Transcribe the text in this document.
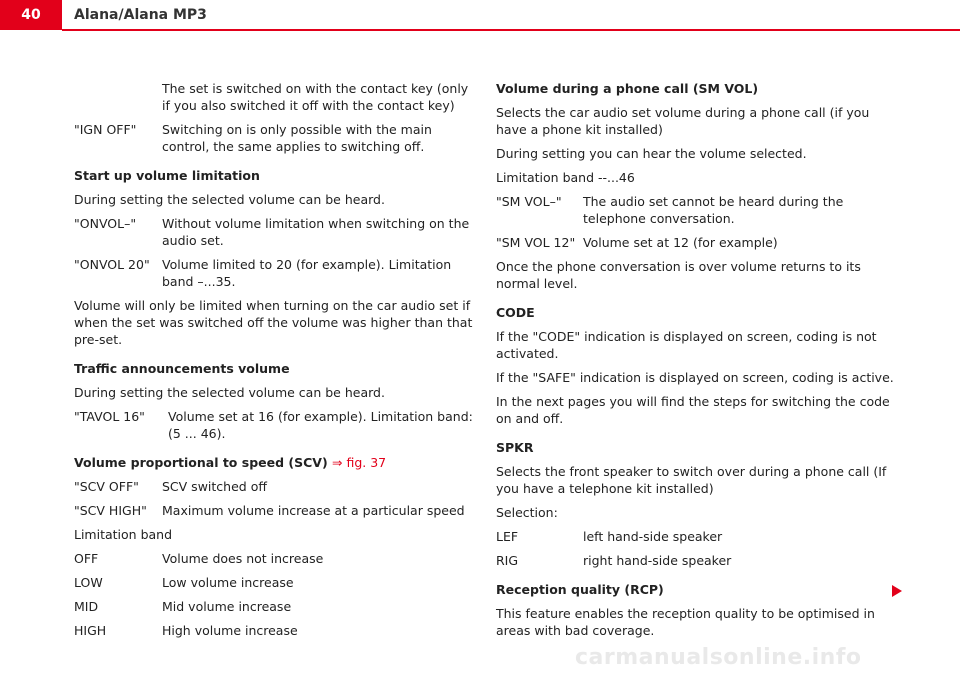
40	Alana/Alana MP3

The set is switched on with the contact key (only if you also switched it off with the contact key)

"IGN OFF"	Switching on is only possible with the main control, the same applies to switching off.
Start up volume limitation

During setting the selected volume can be heard.

"ONVOL–"	Without volume limitation when switching on the audio set.
"ONVOL 20" Volume limited to 20 (for example). Limitation band –...35.

Volume will only be limited when turning on the car audio set if when the set was switched off the volume was higher than that pre-set.

Traffic announcements volume

During setting the selected volume can be heard.

"TAVOL 16"	Volume set at 16 (for example). Limitation band: (5 ... 46).
Volume proportional to speed (SCV) ⇒ fig. 37
"SCV OFF"	SCV switched off
"SCV HIGH"	Maximum volume increase at a particular speed

Limitation band

OFF	Volume does not increase
LOW	Low volume increase
MID	Mid volume increase
HIGH	High volume increase
Volume during a phone call (SM VOL)

Selects the car audio set volume during a phone call (if you have a phone kit installed)

During setting you can hear the volume selected.

Limitation band --...46

"SM VOL–"	The audio set cannot be heard during the telephone conversation.
"SM VOL 12" Volume set at 12 (for example)

Once the phone conversation is over volume returns to its normal level.

CODE

If the "CODE" indication is displayed on screen, coding is not activated.

If the "SAFE" indication is displayed on screen, coding is active.

In the next pages you will find the steps for switching the code on and off.

SPKR

Selects the front speaker to switch over during a phone call (If you have a telephone kit installed)

Selection:

LEF	left hand-side speaker
RIG	right hand-side speaker
Reception quality (RCP)

This feature enables the reception quality to be optimised in areas with bad coverage.

carmanualsonline.info
